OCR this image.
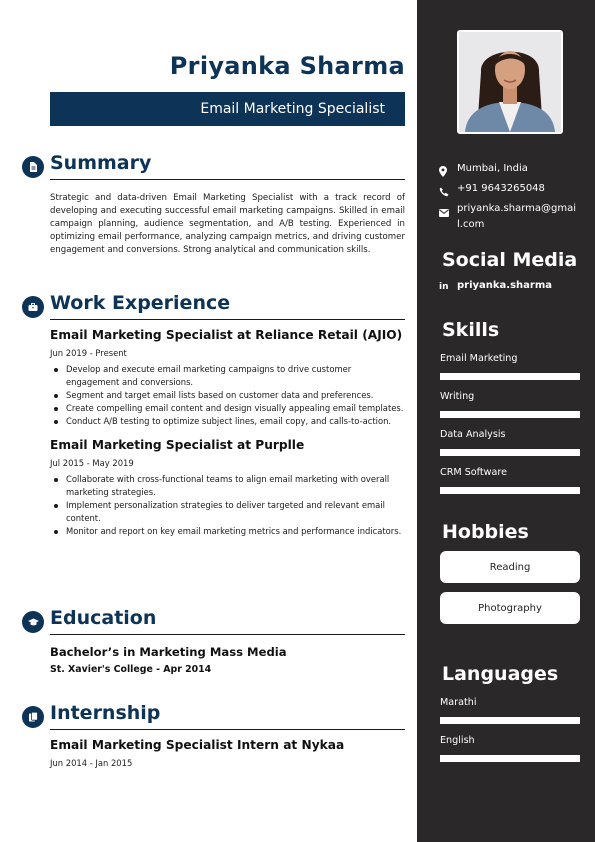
Priyanka Sharma
Email Marketing Specialist
Summary

Strategic and data-driven Email Marketing Specialist with a track record of developing and executing successful email marketing campaigns. Skilled in email campaign planning, audience segmentation, and A/B testing. Experienced in optimizing email performance, analyzing campaign metrics, and driving customer engagement and conversions. Strong analytical and communication skills.

Work Experience
Email Marketing Specialist at Reliance Retail (AJIO)
Jun 2019 - Present
Develop and execute email marketing campaigns to drive customer engagement and conversions.
Segment and target email lists based on customer data and preferences.
Create compelling email content and design visually appealing email templates.
Conduct A/B testing to optimize subject lines, email copy, and calls-to-action.
Email Marketing Specialist at Purplle
Jul 2015 - May 2019
Collaborate with cross-functional teams to align email marketing with overall marketing strategies.
Implement personalization strategies to deliver targeted and relevant email content.
Monitor and report on key email marketing metrics and performance indicators.
Education
Bachelor’s in Marketing Mass Media
St. Xavier's College - Apr 2014
Internship
Email Marketing Specialist Intern at Nykaa
Jun 2014 - Jan 2015
Mumbai, India
+91 9643265048
priyanka.sharma@gmail.com
Social Media
in priyanka.sharma
Skills
Email Marketing
Writing
Data Analysis
CRM Software
Hobbies
Reading
Photography
Languages
Marathi
English
